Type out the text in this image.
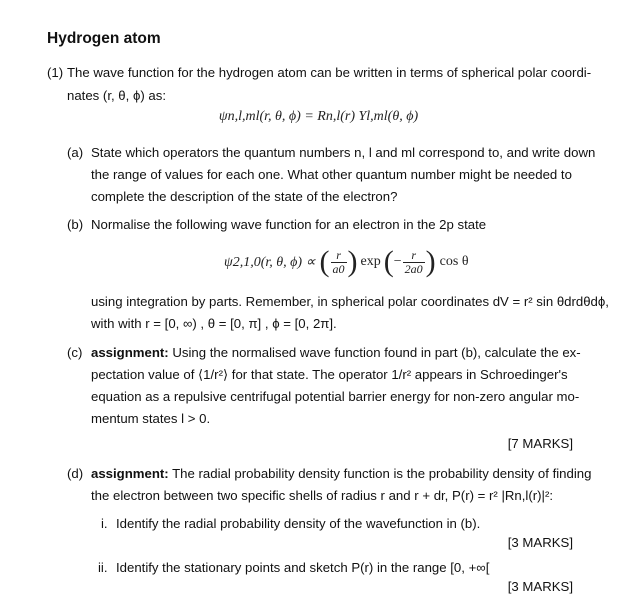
Hydrogen atom
(1) The wave function for the hydrogen atom can be written in terms of spherical polar coordi-
nates (r, θ, ϕ) as:
ψn,l,ml(r, θ, ϕ) = Rn,l(r) Yl,ml(θ, ϕ)
(a) State which operators the quantum numbers n, l and ml correspond to, and write down
the range of values for each one. What other quantum number might be needed to
complete the description of the state of the electron?
(b) Normalise the following wave function for an electron in the 2p state
ψ2,1,0(r, θ, ϕ) ∝ ( $\frac{r}{a0}$ ) exp ( − $\frac{r}{2a0}$ ) cos θ
using integration by parts. Remember, in spherical polar coordinates dV = r² sin θdrdθdϕ,
with with r = [0, ∞) , θ = [0, π] , ϕ = [0, 2π].
(c) assignment: Using the normalised wave function found in part (b), calculate the ex-
pectation value of ⟨1/r²⟩ for that state. The operator 1/r² appears in Schroedinger's
equation as a repulsive centrifugal potential barrier energy for non-zero angular mo-
mentum states l > 0.
[7 MARKS]
(d) assignment: The radial probability density function is the probability density of finding
the electron between two specific shells of radius r and r + dr, P(r) = r² |Rn,l(r)|²:
i. Identify the radial probability density of the wavefunction in (b).
[3 MARKS]
ii. Identify the stationary points and sketch P(r) in the range [0, +∞[
[3 MARKS]
